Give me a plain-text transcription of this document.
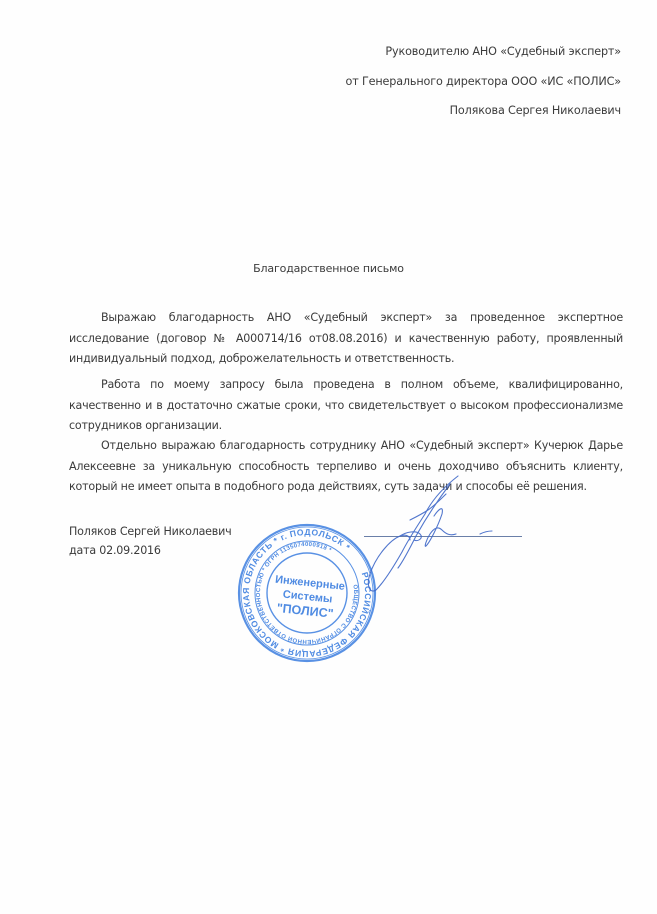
Руководителю АНО «Судебный эксперт»
от Генерального директора ООО «ИС «ПОЛИС»
Полякова Сергея Николаевич
Благодарственное письмо

Выражаю благодарность АНО «Судебный эксперт» за проведенное экспертное исследование (договор № А000714/16 от08.08.2016) и качественную работу, проявленный индивидуальный подход, доброжелательность и ответственность.

Работа по моему запросу была проведена в полном объеме, квалифицированно, качественно и в достаточно сжатые сроки, что свидетельствует о высоком профессионализме сотрудников организации.

Отдельно выражаю благодарность сотруднику АНО «Судебный эксперт» Кучерюк Дарье Алексеевне за уникальную способность терпеливо и очень доходчиво объяснить клиенту, который не имеет опыта в подобного рода действиях, суть задачи и способы её решения.

Поляков Сергей Николаевич
дата 02.09.2016
РОССИЙСКАЯ ФЕДЕРАЦИЯ * МОСКОВСКАЯ ОБЛАСТЬ * г. ПОДОЛЬСК *
ОБЩЕСТВО С ОГРАНИЧЕННОЙ ОТВЕТСТВЕННОСТЬЮ * ОГРН 1135074000918 *
Инженерные
Системы
"ПОЛИС"
